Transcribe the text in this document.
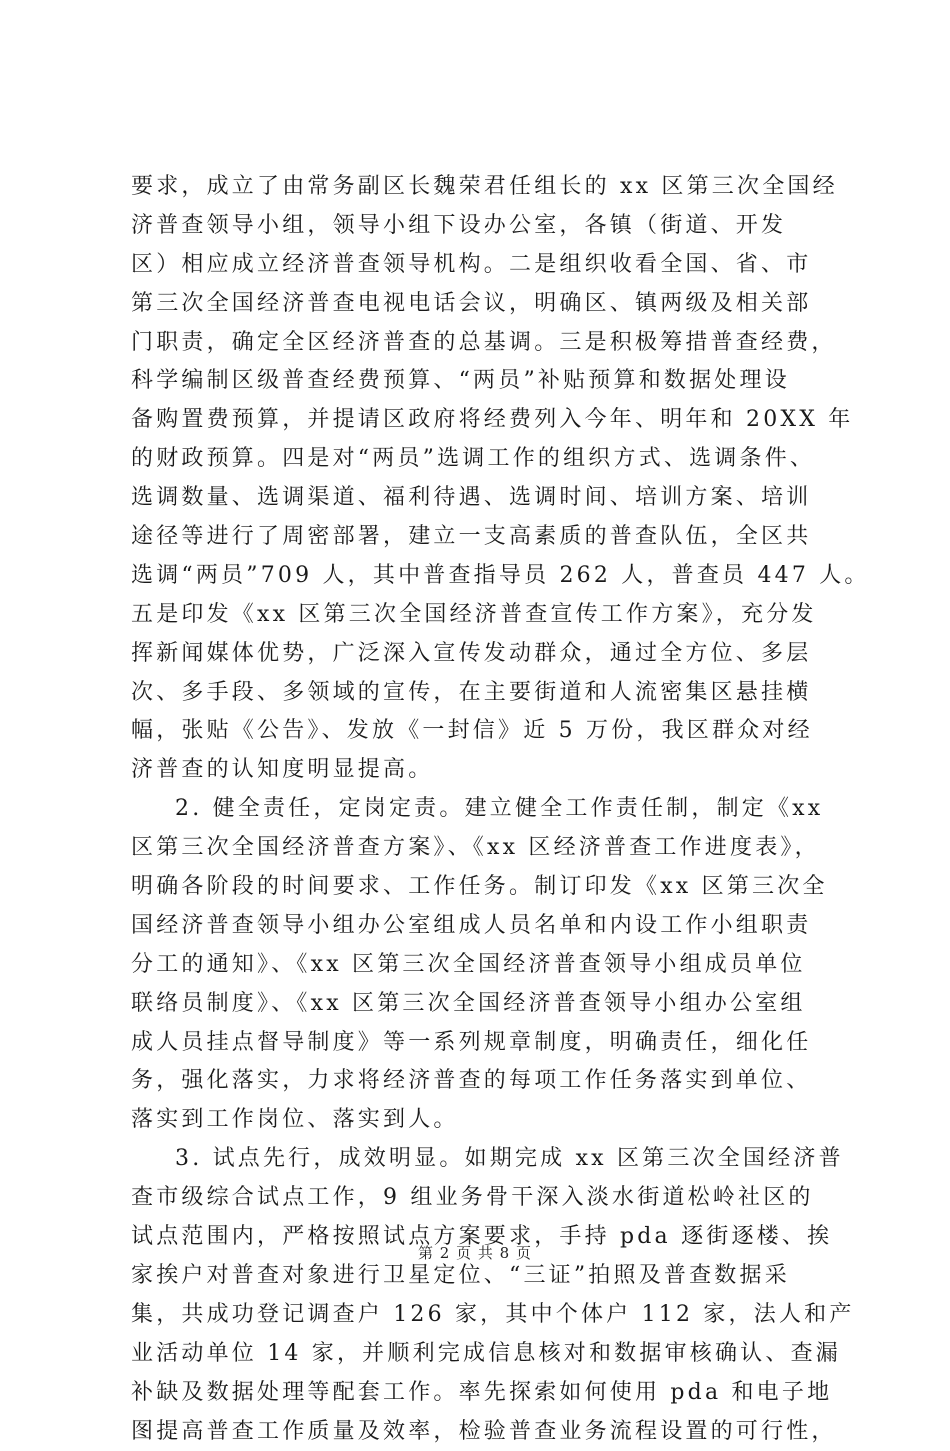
要求，成立了由常务副区长魏荣君任组长的 xx 区第三次全国经
济普查领导小组，领导小组下设办公室，各镇（街道、开发
区）相应成立经济普查领导机构。二是组织收看全国、省、市
第三次全国经济普查电视电话会议，明确区、镇两级及相关部
门职责，确定全区经济普查的总基调。三是积极筹措普查经费，
科学编制区级普查经费预算、“两员”补贴预算和数据处理设
备购置费预算，并提请区政府将经费列入今年、明年和 20XX 年
的财政预算。四是对“两员”选调工作的组织方式、选调条件、
选调数量、选调渠道、福利待遇、选调时间、培训方案、培训
途径等进行了周密部署，建立一支高素质的普查队伍，全区共
选调“两员”709 人，其中普查指导员 262 人，普查员 447 人。
五是印发《xx 区第三次全国经济普查宣传工作方案》，充分发
挥新闻媒体优势，广泛深入宣传发动群众，通过全方位、多层
次、多手段、多领域的宣传，在主要街道和人流密集区悬挂横
幅，张贴《公告》、发放《一封信》近 5 万份，我区群众对经
济普查的认知度明显提高。
2. 健全责任，定岗定责。建立健全工作责任制，制定《xx
区第三次全国经济普查方案》、《xx 区经济普查工作进度表》，
明确各阶段的时间要求、工作任务。制订印发《xx 区第三次全
国经济普查领导小组办公室组成人员名单和内设工作小组职责
分工的通知》、《xx 区第三次全国经济普查领导小组成员单位
联络员制度》、《xx 区第三次全国经济普查领导小组办公室组
成人员挂点督导制度》等一系列规章制度，明确责任，细化任
务，强化落实，力求将经济普查的每项工作任务落实到单位、
落实到工作岗位、落实到人。
3. 试点先行，成效明显。如期完成 xx 区第三次全国经济普
查市级综合试点工作，9 组业务骨干深入淡水街道松岭社区的
试点范围内，严格按照试点方案要求，手持 pda 逐街逐楼、挨
家挨户对普查对象进行卫星定位、“三证”拍照及普查数据采
集，共成功登记调查户 126 家，其中个体户 112 家，法人和产
业活动单位 14 家，并顺利完成信息核对和数据审核确认、查漏
补缺及数据处理等配套工作。率先探索如何使用 pda 和电子地
图提高普查工作质量及效率，检验普查业务流程设置的可行性，
第 2 页 共 8 页
